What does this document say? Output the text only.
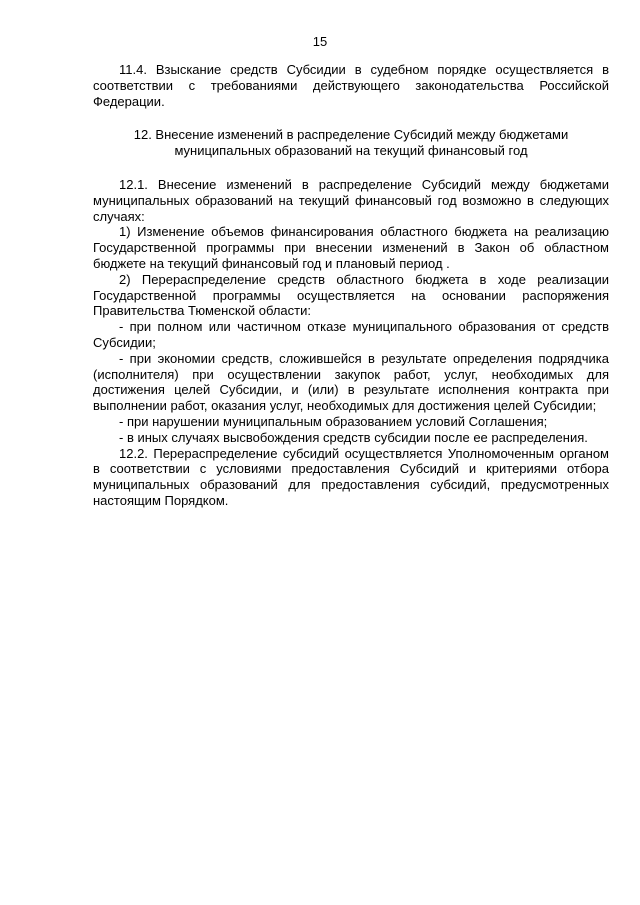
15

11.4. Взыскание средств Субсидии в судебном порядке осуществляется в соответствии с требованиями действующего законодательства Российской Федерации.

12. Внесение изменений в распределение Субсидий между бюджетами
муниципальных образований на текущий финансовый год

12.1. Внесение изменений в распределение Субсидий между бюджетами муниципальных образований на текущий финансовый год возможно в следующих случаях:

1) Изменение объемов финансирования областного бюджета на реализацию Государственной программы при внесении изменений в Закон об областном бюджете на текущий финансовый год и плановый период .

2) Перераспределение средств областного бюджета в ходе реализации Государственной программы осуществляется на основании распоряжения Правительства Тюменской области:

- при полном или частичном отказе муниципального образования от средств Субсидии;

- при экономии средств, сложившейся в результате определения подрядчика (исполнителя) при осуществлении закупок работ, услуг, необходимых для достижения целей Субсидии, и (или) в результате исполнения контракта при выполнении работ, оказания услуг, необходимых для достижения целей Субсидии;

- при нарушении муниципальным образованием условий Соглашения;

- в иных случаях высвобождения средств субсидии после ее распределения.

12.2. Перераспределение субсидий осуществляется Уполномоченным органом в соответствии с условиями предоставления Субсидий и критериями отбора муниципальных образований для предоставления субсидий, предусмотренных настоящим Порядком.
